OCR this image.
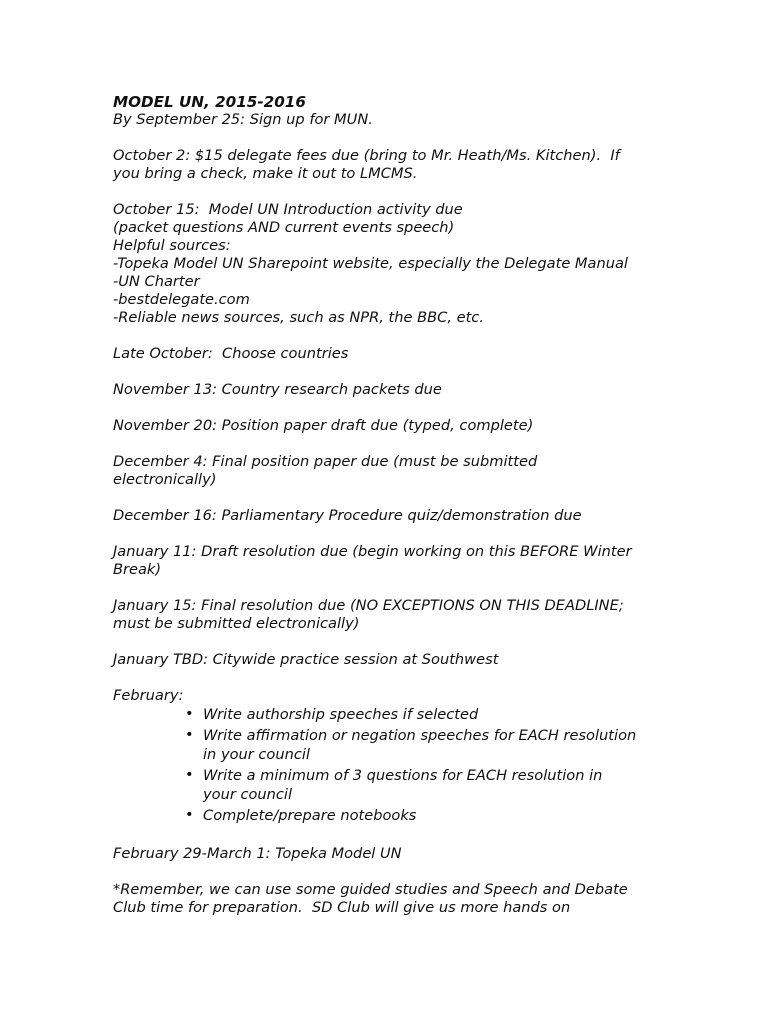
MODEL UN, 2015-2016
By September 25: Sign up for MUN.
October 2: $15 delegate fees due (bring to Mr. Heath/Ms. Kitchen).  If
you bring a check, make it out to LMCMS.
October 15:  Model UN Introduction activity due
(packet questions AND current events speech)
Helpful sources:
-Topeka Model UN Sharepoint website, especially the Delegate Manual
-UN Charter
-bestdelegate.com
-Reliable news sources, such as NPR, the BBC, etc.
Late October:  Choose countries
November 13: Country research packets due
November 20: Position paper draft due (typed, complete)
December 4: Final position paper due (must be submitted
electronically)
December 16: Parliamentary Procedure quiz/demonstration due
January 11: Draft resolution due (begin working on this BEFORE Winter
Break)
January 15: Final resolution due (NO EXCEPTIONS ON THIS DEADLINE;
must be submitted electronically)
January TBD: Citywide practice session at Southwest
February:
• Write authorship speeches if selected
• Write affirmation or negation speeches for EACH resolution
in your council
• Write a minimum of 3 questions for EACH resolution in
your council
• Complete/prepare notebooks
February 29-March 1: Topeka Model UN
*Remember, we can use some guided studies and Speech and Debate
Club time for preparation.  SD Club will give us more hands on
